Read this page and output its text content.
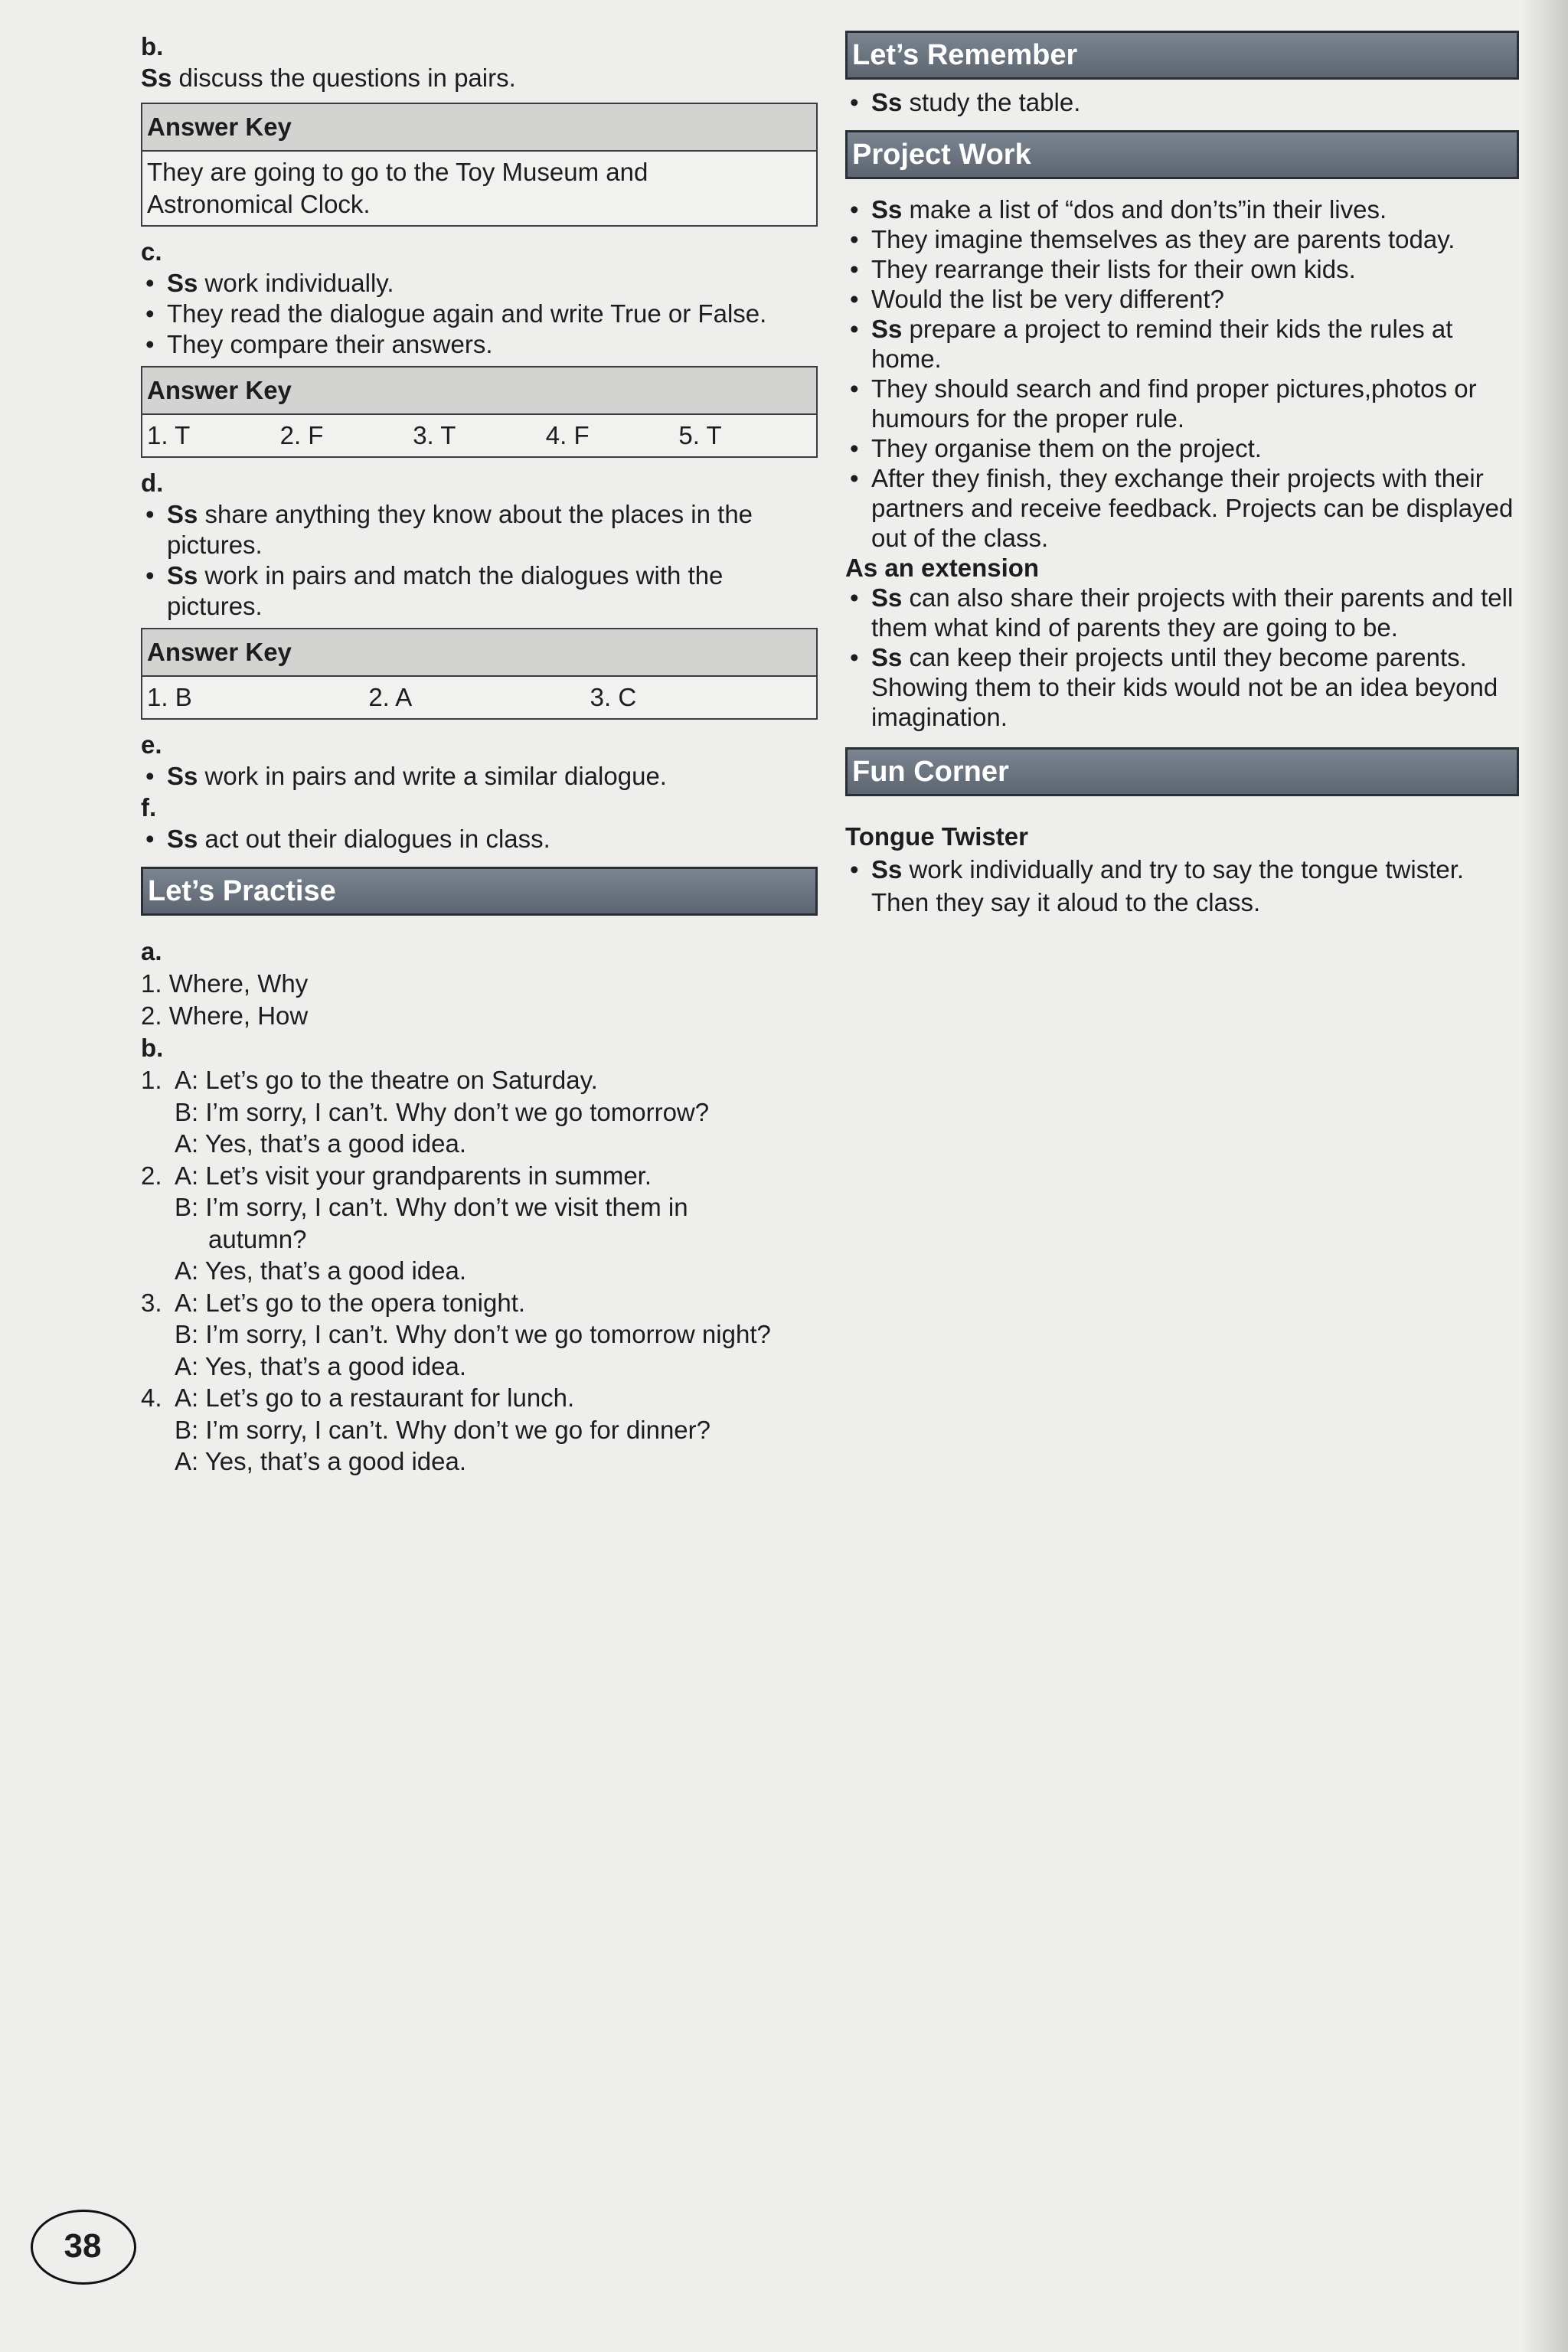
b.

Ss discuss the questions in pairs.

Answer Key

They are going to go to the Toy Museum and

Astronomical Clock.

c.

• Ss work individually.
• They read the dialogue again and write True or False.
• They compare their answers.
Answer Key
1. T	2. F	3. T	4. F	5. T

d.

• Ss share anything they know about the places in the pictures.
• Ss work in pairs and match the dialogues with the pictures.
Answer Key
1. B	2. A	3. C

e.

• Ss work in pairs and write a similar dialogue.

f.

• Ss act out their dialogues in class.
Let’s Practise

a.

1. Where, Why

2. Where, How

b.

1. A: Let’s go to the theatre on Saturday.

B: I’m sorry, I can’t. Why don’t we go tomorrow?

A: Yes, that’s a good idea.

2. A: Let’s visit your grandparents in summer.

B: I’m sorry, I can’t. Why don’t we visit them in autumn?

A: Yes, that’s a good idea.

3. A: Let’s go to the opera tonight.

B: I’m sorry, I can’t. Why don’t we go tomorrow night?

A: Yes, that’s a good idea.

4. A: Let’s go to a restaurant for lunch.

B: I’m sorry, I can’t. Why don’t we go for dinner?

A: Yes, that’s a good idea.

Let’s Remember
• Ss study the table.
Project Work
• Ss make a list of “dos and don’ts”in their lives.
• They imagine themselves as they are parents today.
• They rearrange their lists for their own kids.
• Would the list be very different?
• Ss prepare a project to remind their kids the rules at home.
• They should search and find proper pictures,photos or humours for the proper rule.
• They organise them on the project.
• After they finish, they exchange their projects with their partners and receive feedback. Projects can be displayed out of the class.

As an extension

• Ss can also share their projects with their parents and tell them what kind of parents they are going to be.
• Ss can keep their projects until they become parents. Showing them to their kids would not be an idea beyond imagination.
Fun Corner

Tongue Twister

• Ss work individually and try to say the tongue twister. Then they say it aloud to the class.
38
